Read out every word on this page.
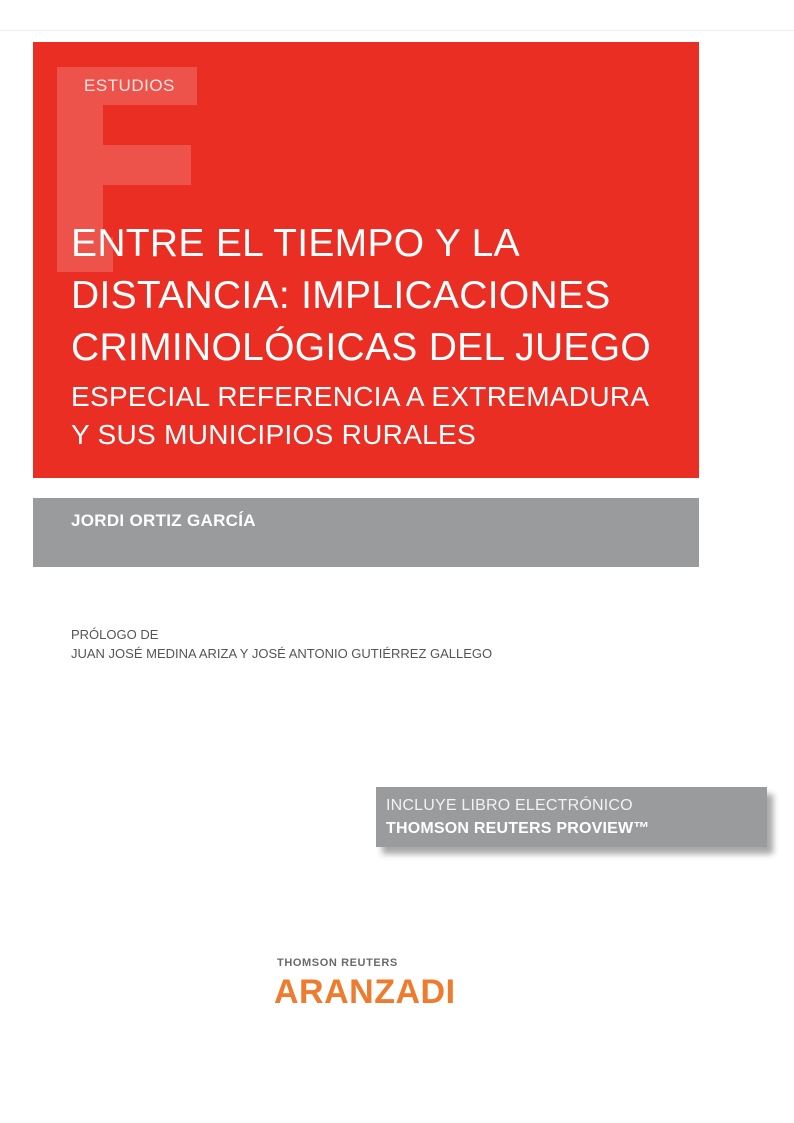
ESTUDIOS
ENTRE EL TIEMPO Y LA
DISTANCIA: IMPLICACIONES
CRIMINOLÓGICAS DEL JUEGO
ESPECIAL REFERENCIA A EXTREMADURA
Y SUS MUNICIPIOS RURALES
JORDI ORTIZ GARCÍA
PRÓLOGO DE
JUAN JOSÉ MEDINA ARIZA Y JOSÉ ANTONIO GUTIÉRREZ GALLEGO
INCLUYE LIBRO ELECTRÓNICO
THOMSON REUTERS PROVIEW™
THOMSON REUTERS
ARANZADI
